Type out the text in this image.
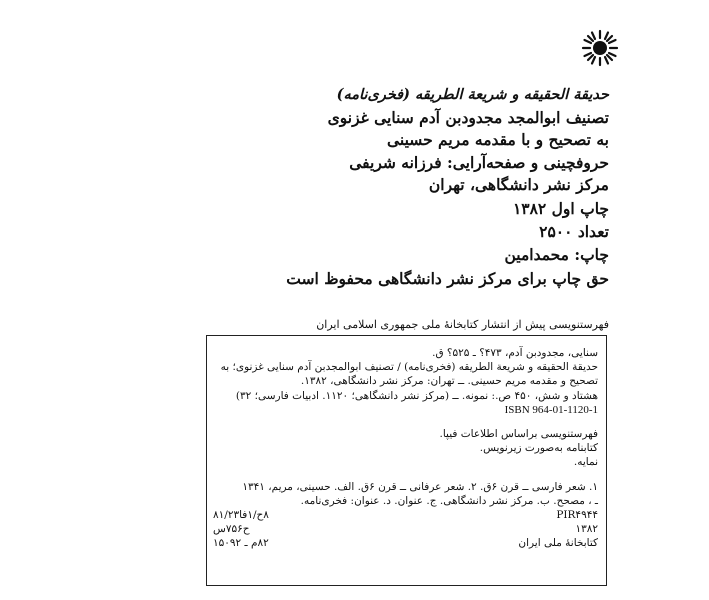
حدیقة الحقیقه و شریعة الطریقه (فخری‌نامه)
تصنیف ابوالمجد مجدودبن آدم سنایی غزنوی
به تصحیح و با مقدمه مریم حسینی
حروفچینی و صفحه‌آرایی: فرزانه شریفی
مرکز نشر دانشگاهی، تهران
چاپ اول ۱۳۸۲
تعداد ۲۵۰۰
چاپ: محمدامین
حق چاپ برای مرکز نشر دانشگاهی محفوظ است
فهرستنویسی پیش از انتشار کتابخانهٔ ملی جمهوری اسلامی ایران
سنایی، مجدودبن آدم، ۴۷۳؟ ـ ۵۲۵؟ ق.
حدیقة الحقیقه و شریعة الطریقه (فخری‌نامه) / تصنیف ابوالمجدبن آدم سنایی غزنوی؛ به
تصحیح و مقدمه مریم حسینی. ــ تهران: مرکز نشر دانشگاهی، ۱۳۸۲.
هشتاد و شش، ۴۵۰ ص.: نمونه. ــ (مرکز نشر دانشگاهی؛ ۱۱۲۰. ادبیات فارسی؛ ۳۲)
ISBN 964-01-1120-1
فهرستنویسی براساس اطلاعات فیپا.
کتابنامه به‌صورت زیرنویس.
نمایه.
۱. شعر فارسی ــ قرن ۶ق. ۲. شعر عرفانی ــ قرن ۶ق. الف. حسینی، مریم، ۱۳۴۱
ـ ، مصحح. ب. مرکز نشر دانشگاهی. ج. عنوان. د. عنوان: فخری‌نامه.
PIR۴۹۴۴
۸ح/۱فا۸۱/۲۳
۱۳۸۲
ح۷۵۶س
کتابخانهٔ ملی ایران
۸۲م ـ ۱۵۰۹۲
